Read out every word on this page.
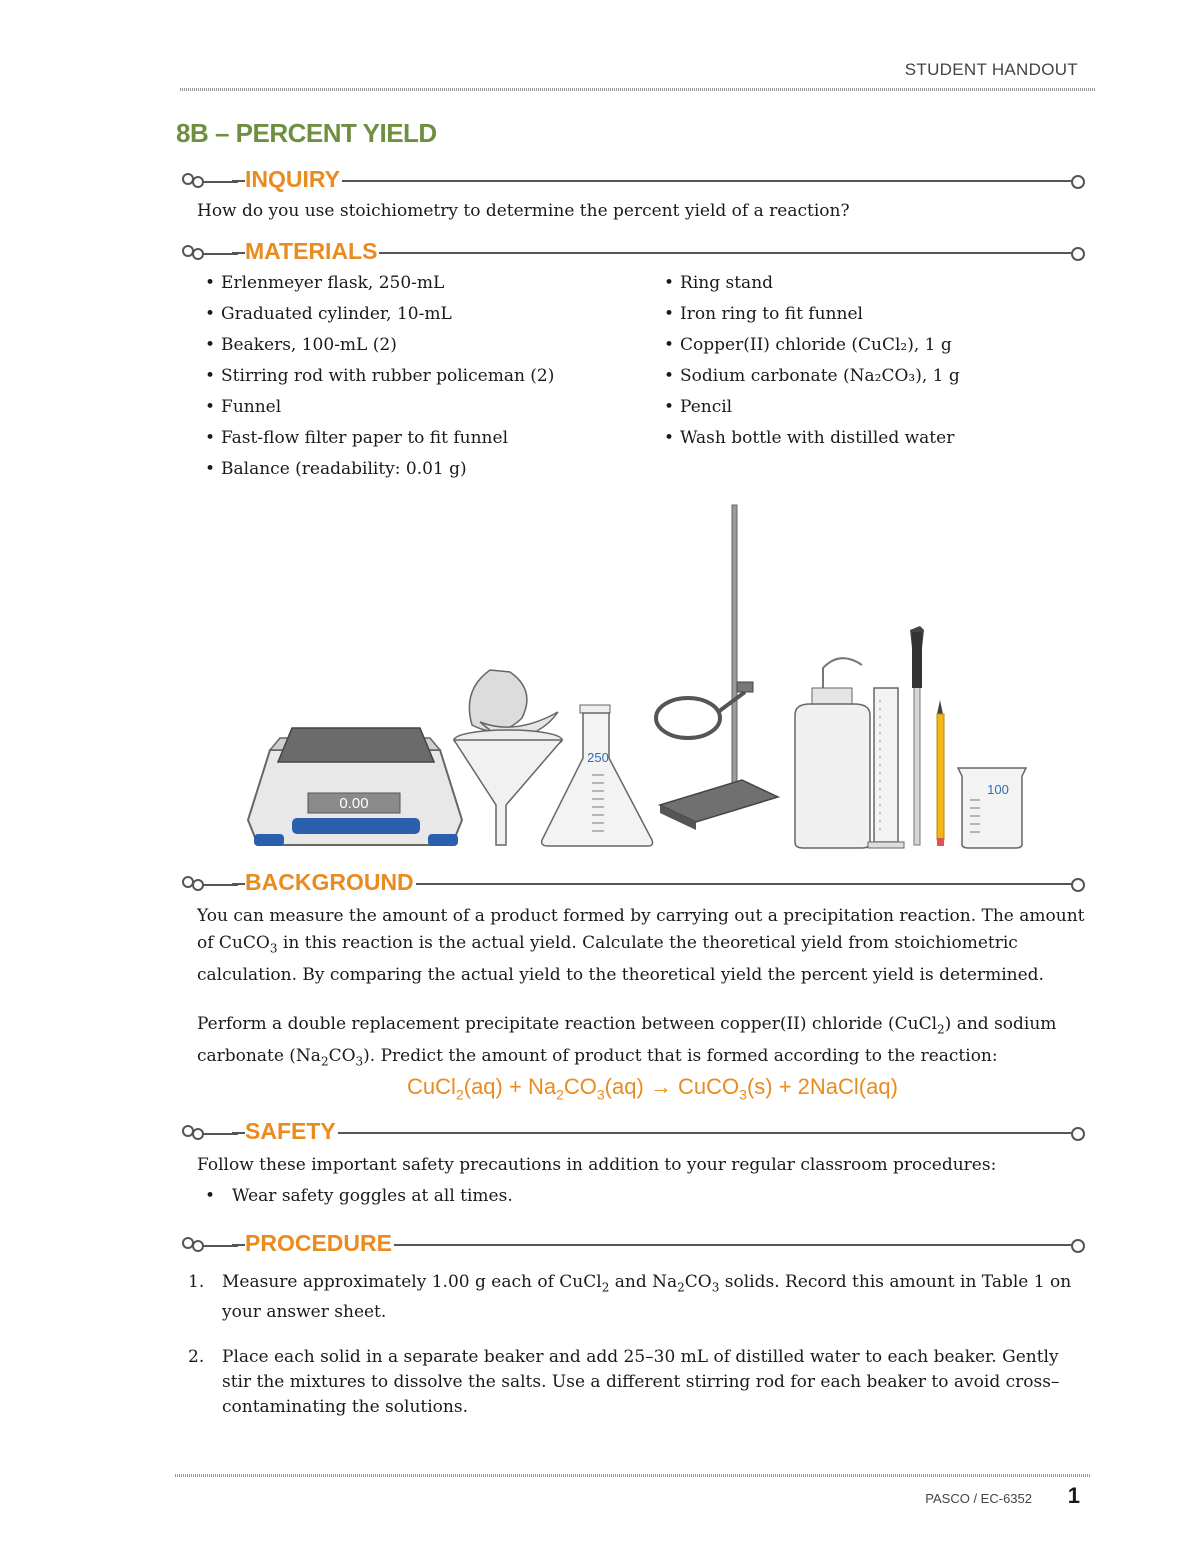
STUDENT HANDOUT
8B – PERCENT YIELD
INQUIRY
How do you use stoichiometry to determine the percent yield of a reaction?
MATERIALS
• Erlenmeyer flask, 250-mL
• Graduated cylinder, 10-mL
• Beakers, 100-mL (2)
• Stirring rod with rubber policeman (2)
• Funnel
• Fast-flow filter paper to fit funnel
• Balance (readability: 0.01 g)
• Ring stand
• Iron ring to fit funnel
• Copper(II) chloride (CuCl₂), 1 g
• Sodium carbonate (Na₂CO₃), 1 g
• Pencil
• Wash bottle with distilled water
0.00
250
100
BACKGROUND
You can measure the amount of a product formed by carrying out a precipitation reaction. The amount of CuCO$_3$ in this reaction is the actual yield. Calculate the theoretical yield from stoichiometric calculation. By comparing the actual yield to the theoretical yield the percent yield is determined.
Perform a double replacement precipitate reaction between copper(II) chloride (CuCl$_2$) and sodium carbonate $(Na_2CO_3)$. Predict the amount of product that is formed according to the reaction:
CuCl$_2$(aq) + $Na_2CO_3(aq)$ → CuCO$_3$(s) + 2NaCl(aq)
SAFETY
Follow these important safety precautions in addition to your regular classroom procedures:
• Wear safety goggles at all times.
PROCEDURE
1. Measure approximately 1.00 g each of CuCl$_2$ and $Na_2CO_3$ solids. Record this amount in Table 1 on your answer sheet.
2. Place each solid in a separate beaker and add 25–30 mL of distilled water to each beaker. Gently stir the mixtures to dissolve the salts. Use a different stirring rod for each beaker to avoid cross–contaminating the solutions.
PASCO / EC-6352 1
